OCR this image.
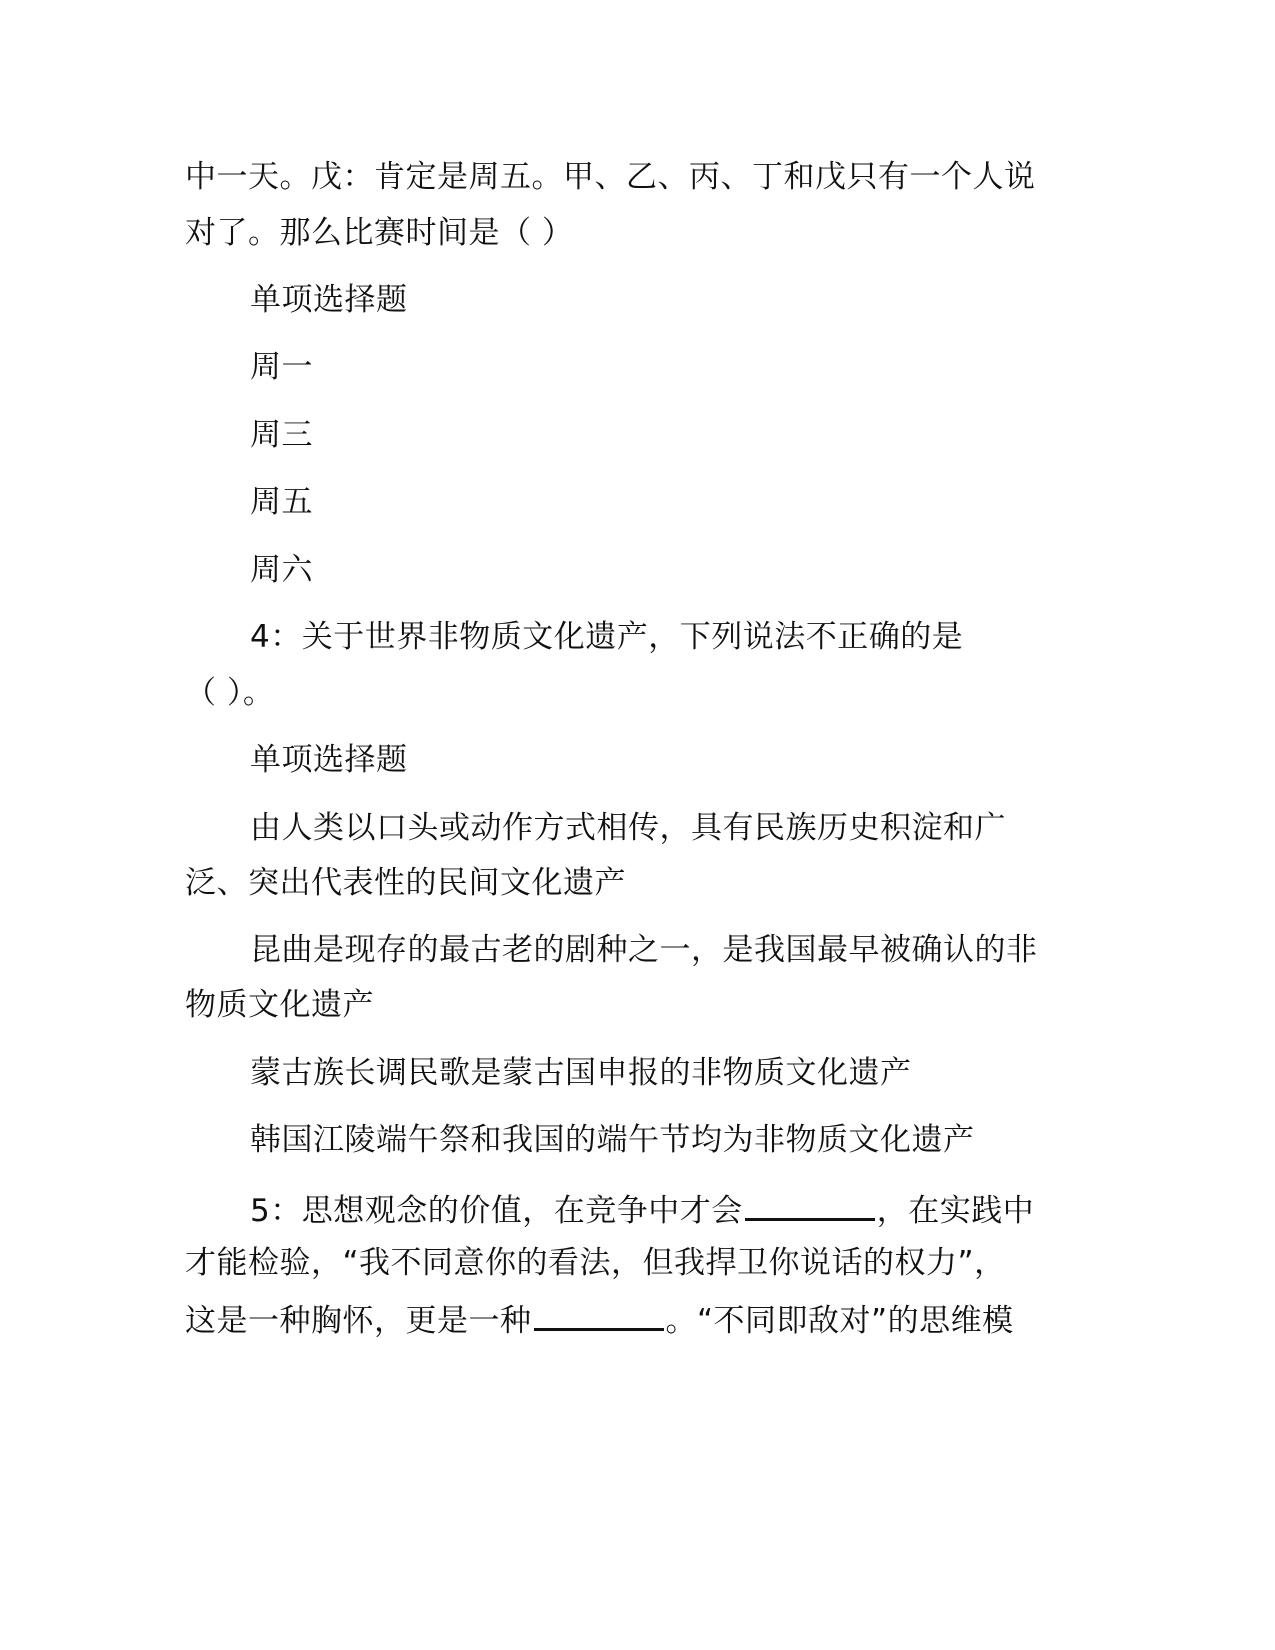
中一天。戊：肯定是周五。甲、乙、丙、丁和戊只有一个人说
对了。那么比赛时间是（ ）
单项选择题
周一
周三
周五
周六
4：关于世界非物质文化遗产，下列说法不正确的是
（ ）。
单项选择题
由人类以口头或动作方式相传，具有民族历史积淀和广
泛、突出代表性的民间文化遗产
昆曲是现存的最古老的剧种之一，是我国最早被确认的非
物质文化遗产
蒙古族长调民歌是蒙古国申报的非物质文化遗产
韩国江陵端午祭和我国的端午节均为非物质文化遗产
5：思想观念的价值，在竞争中才会	，在实践中
才能检验，“我不同意你的看法，但我捍卫你说话的权力”，
这是一种胸怀，更是一种	。“不同即敌对”的思维模
